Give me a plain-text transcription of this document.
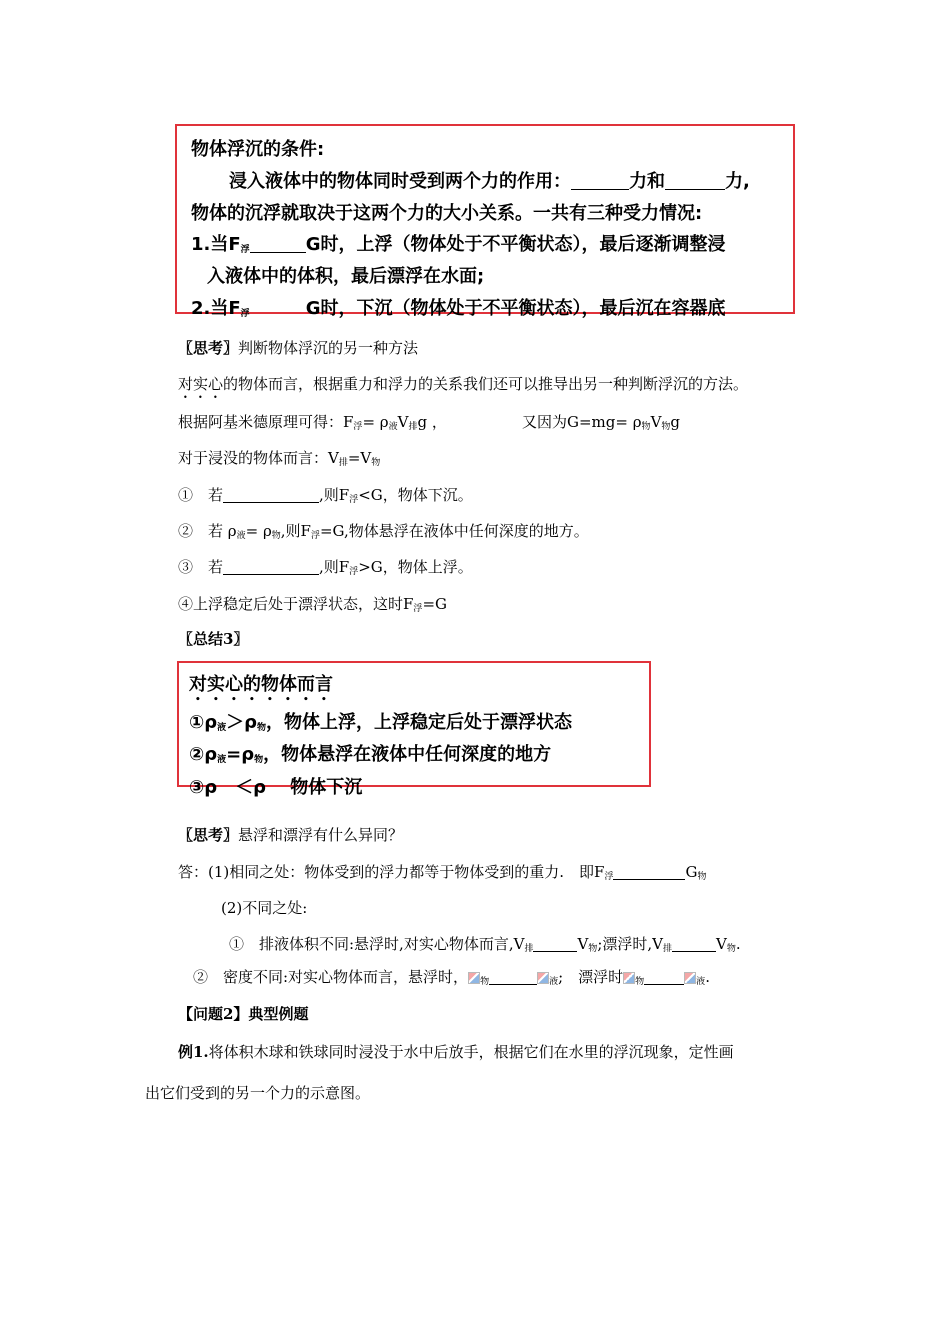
物体浮沉的条件:
浸入液体中的物体同时受到两个力的作用：	力和	力,
物体的沉浮就取决于这两个力的大小关系。一共有三种受力情况:
1.当$F_浮$	G时，上浮（物体处于不平衡状态），最后逐渐调整浸
入液体中的体积，最后漂浮在水面;
2.当$F_浮$	G时，下沉（物体处于不平衡状态），最后沉在容器底
〖思考〗判断物体浮沉的另一种方法
对实心的物体而言，根据重力和浮力的关系我们还可以推导出另一种判断浮沉的方法。
根据阿基米德原理可得：$F_浮= \rho_液V_排g$ ，	又因为$G=mg= \rho_物V_物g$
对于浸没的物体而言：$V_排=V_物$
①　若	,则$F_浮<G$，物体下沉。
②　若 $\rho_液= \rho_物$,则$F_浮=G$,物体悬浮在液体中任何深度的地方。
③　若	,则$F_浮>G$，物体上浮。
④上浮稳定后处于漂浮状态，这时$F_浮=G$
〖总结3〗
对实心的物体而言
$①\rho_液>\rho_物$，物体上浮，上浮稳定后处于漂浮状态
$②\rho_液=\rho_物$，物体悬浮在液体中任何深度的地方
③ρ　＜ρ　 物体下沉
〖思考〗悬浮和漂浮有什么异同？
答：(1)相同之处：物体受到的浮力都等于物体受到的重力.　即$F_浮$	$G_物$
(2)不同之处:
①　排液体积不同:悬浮时,对实心物体而言$,V_排$	$V_物$;漂浮时$,V_排$	$V_物$.
②　密度不同:对实心物体而言，悬浮时， $_物$	$_液$;　漂浮时 $_物$	$_液$.
【问题2】典型例题
例1.将体积木球和铁球同时浸没于水中后放手，根据它们在水里的浮沉现象，定性画
出它们受到的另一个力的示意图。
